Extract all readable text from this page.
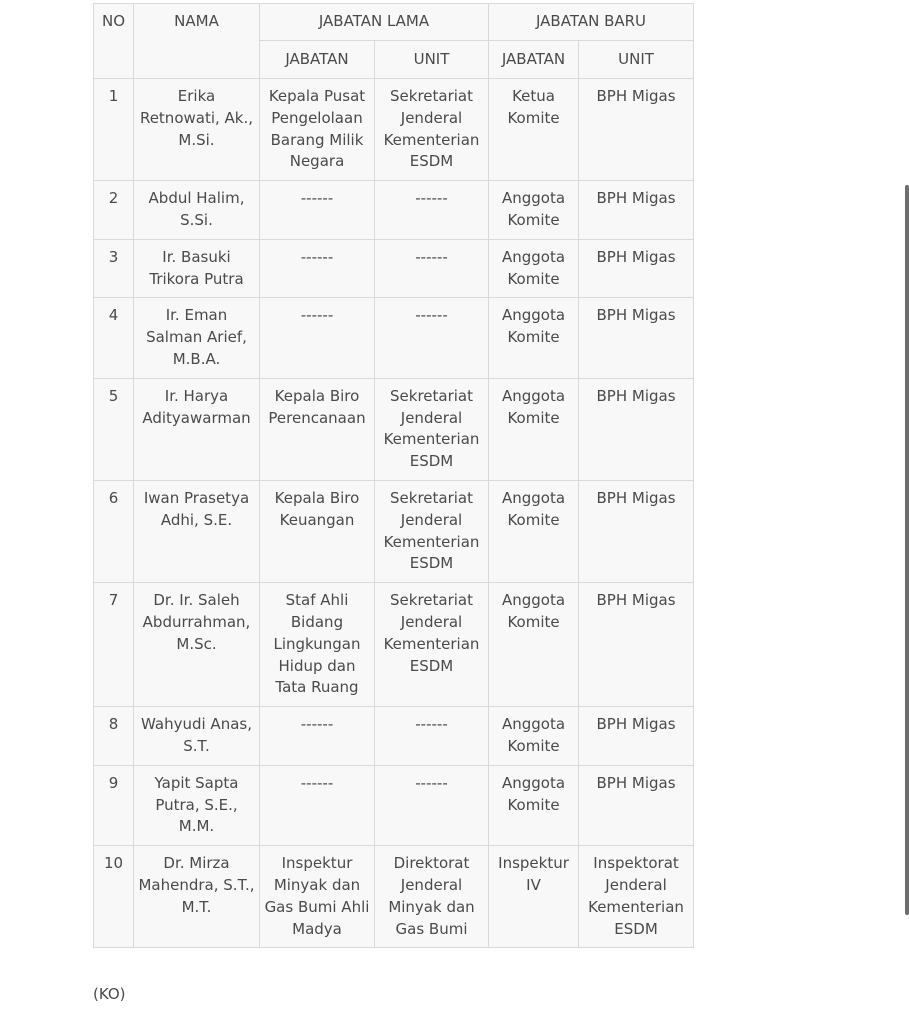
NO	NAMA	JABATAN LAMA		JABATAN BARU	
		JABATAN	UNIT	JABATAN	UNIT
1	Erika Retnowati, Ak., M.Si.	Kepala Pusat Pengelolaan Barang Milik Negara	Sekretariat Jenderal Kementerian ESDM	Ketua Komite	BPH Migas
2	Abdul Halim, S.Si.	------	------	Anggota Komite	BPH Migas
3	Ir. Basuki Trikora Putra	------	------	Anggota Komite	BPH Migas
4	Ir. Eman Salman Arief, M.B.A.	------	------	Anggota Komite	BPH Migas
5	Ir. Harya Adityawarman	Kepala Biro Perencanaan	Sekretariat Jenderal Kementerian ESDM	Anggota Komite	BPH Migas
6	Iwan Prasetya Adhi, S.E.	Kepala Biro Keuangan	Sekretariat Jenderal Kementerian ESDM	Anggota Komite	BPH Migas
7	Dr. Ir. Saleh Abdurrahman, M.Sc.	Staf Ahli Bidang Lingkungan Hidup dan Tata Ruang	Sekretariat Jenderal Kementerian ESDM	Anggota Komite	BPH Migas
8	Wahyudi Anas, S.T.	------	------	Anggota Komite	BPH Migas
9	Yapit Sapta Putra, S.E., M.M.	------	------	Anggota Komite	BPH Migas
10	Dr. Mirza Mahendra, S.T., M.T.	Inspektur Minyak dan Gas Bumi Ahli Madya	Direktorat Jenderal Minyak dan Gas Bumi	Inspektur IV	Inspektorat Jenderal Kementerian ESDM
(KO)
